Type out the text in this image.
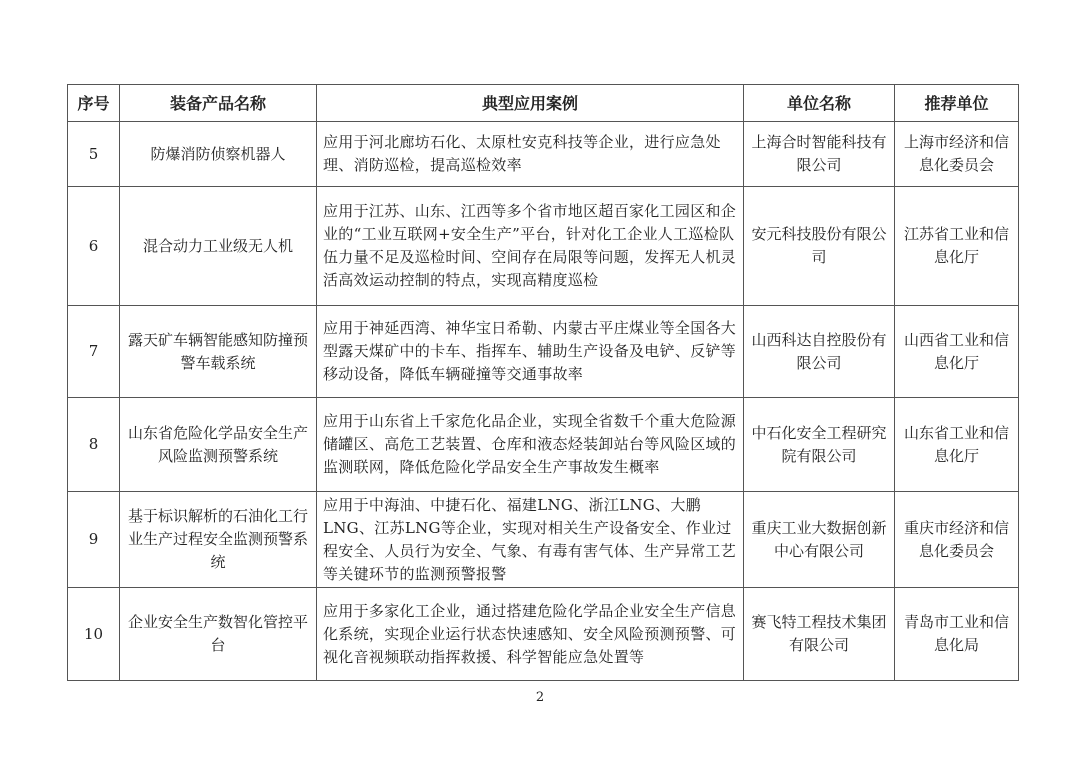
序号	装备产品名称	典型应用案例	单位名称	推荐单位
5	防爆消防侦察机器人	应用于河北廊坊石化、太原杜安克科技等企业，进行应急处理、消防巡检，提高巡检效率	上海合时智能科技有限公司	上海市经济和信息化委员会
6	混合动力工业级无人机	应用于江苏、山东、江西等多个省市地区超百家化工园区和企业的“工业互联网+安全生产”平台，针对化工企业人工巡检队伍力量不足及巡检时间、空间存在局限等问题，发挥无人机灵活高效运动控制的特点，实现高精度巡检	安元科技股份有限公司	江苏省工业和信息化厅
7	露天矿车辆智能感知防撞预警车载系统	应用于神延西湾、神华宝日希勒、内蒙古平庄煤业等全国各大型露天煤矿中的卡车、指挥车、辅助生产设备及电铲、反铲等移动设备，降低车辆碰撞等交通事故率	山西科达自控股份有限公司	山西省工业和信息化厅
8	山东省危险化学品安全生产风险监测预警系统	应用于山东省上千家危化品企业，实现全省数千个重大危险源储罐区、高危工艺装置、仓库和液态烃装卸站台等风险区域的监测联网，降低危险化学品安全生产事故发生概率	中石化安全工程研究院有限公司	山东省工业和信息化厅
9	基于标识解析的石油化工行业生产过程安全监测预警系统	应用于中海油、中捷石化、福建LNG、浙江LNG、大鹏LNG、江苏LNG等企业，实现对相关生产设备安全、作业过程安全、人员行为安全、气象、有毒有害气体、生产异常工艺等关键环节的监测预警报警	重庆工业大数据创新中心有限公司	重庆市经济和信息化委员会
10	企业安全生产数智化管控平台	应用于多家化工企业，通过搭建危险化学品企业安全生产信息化系统，实现企业运行状态快速感知、安全风险预测预警、可视化音视频联动指挥救援、科学智能应急处置等	赛飞特工程技术集团有限公司	青岛市工业和信息化局
2
